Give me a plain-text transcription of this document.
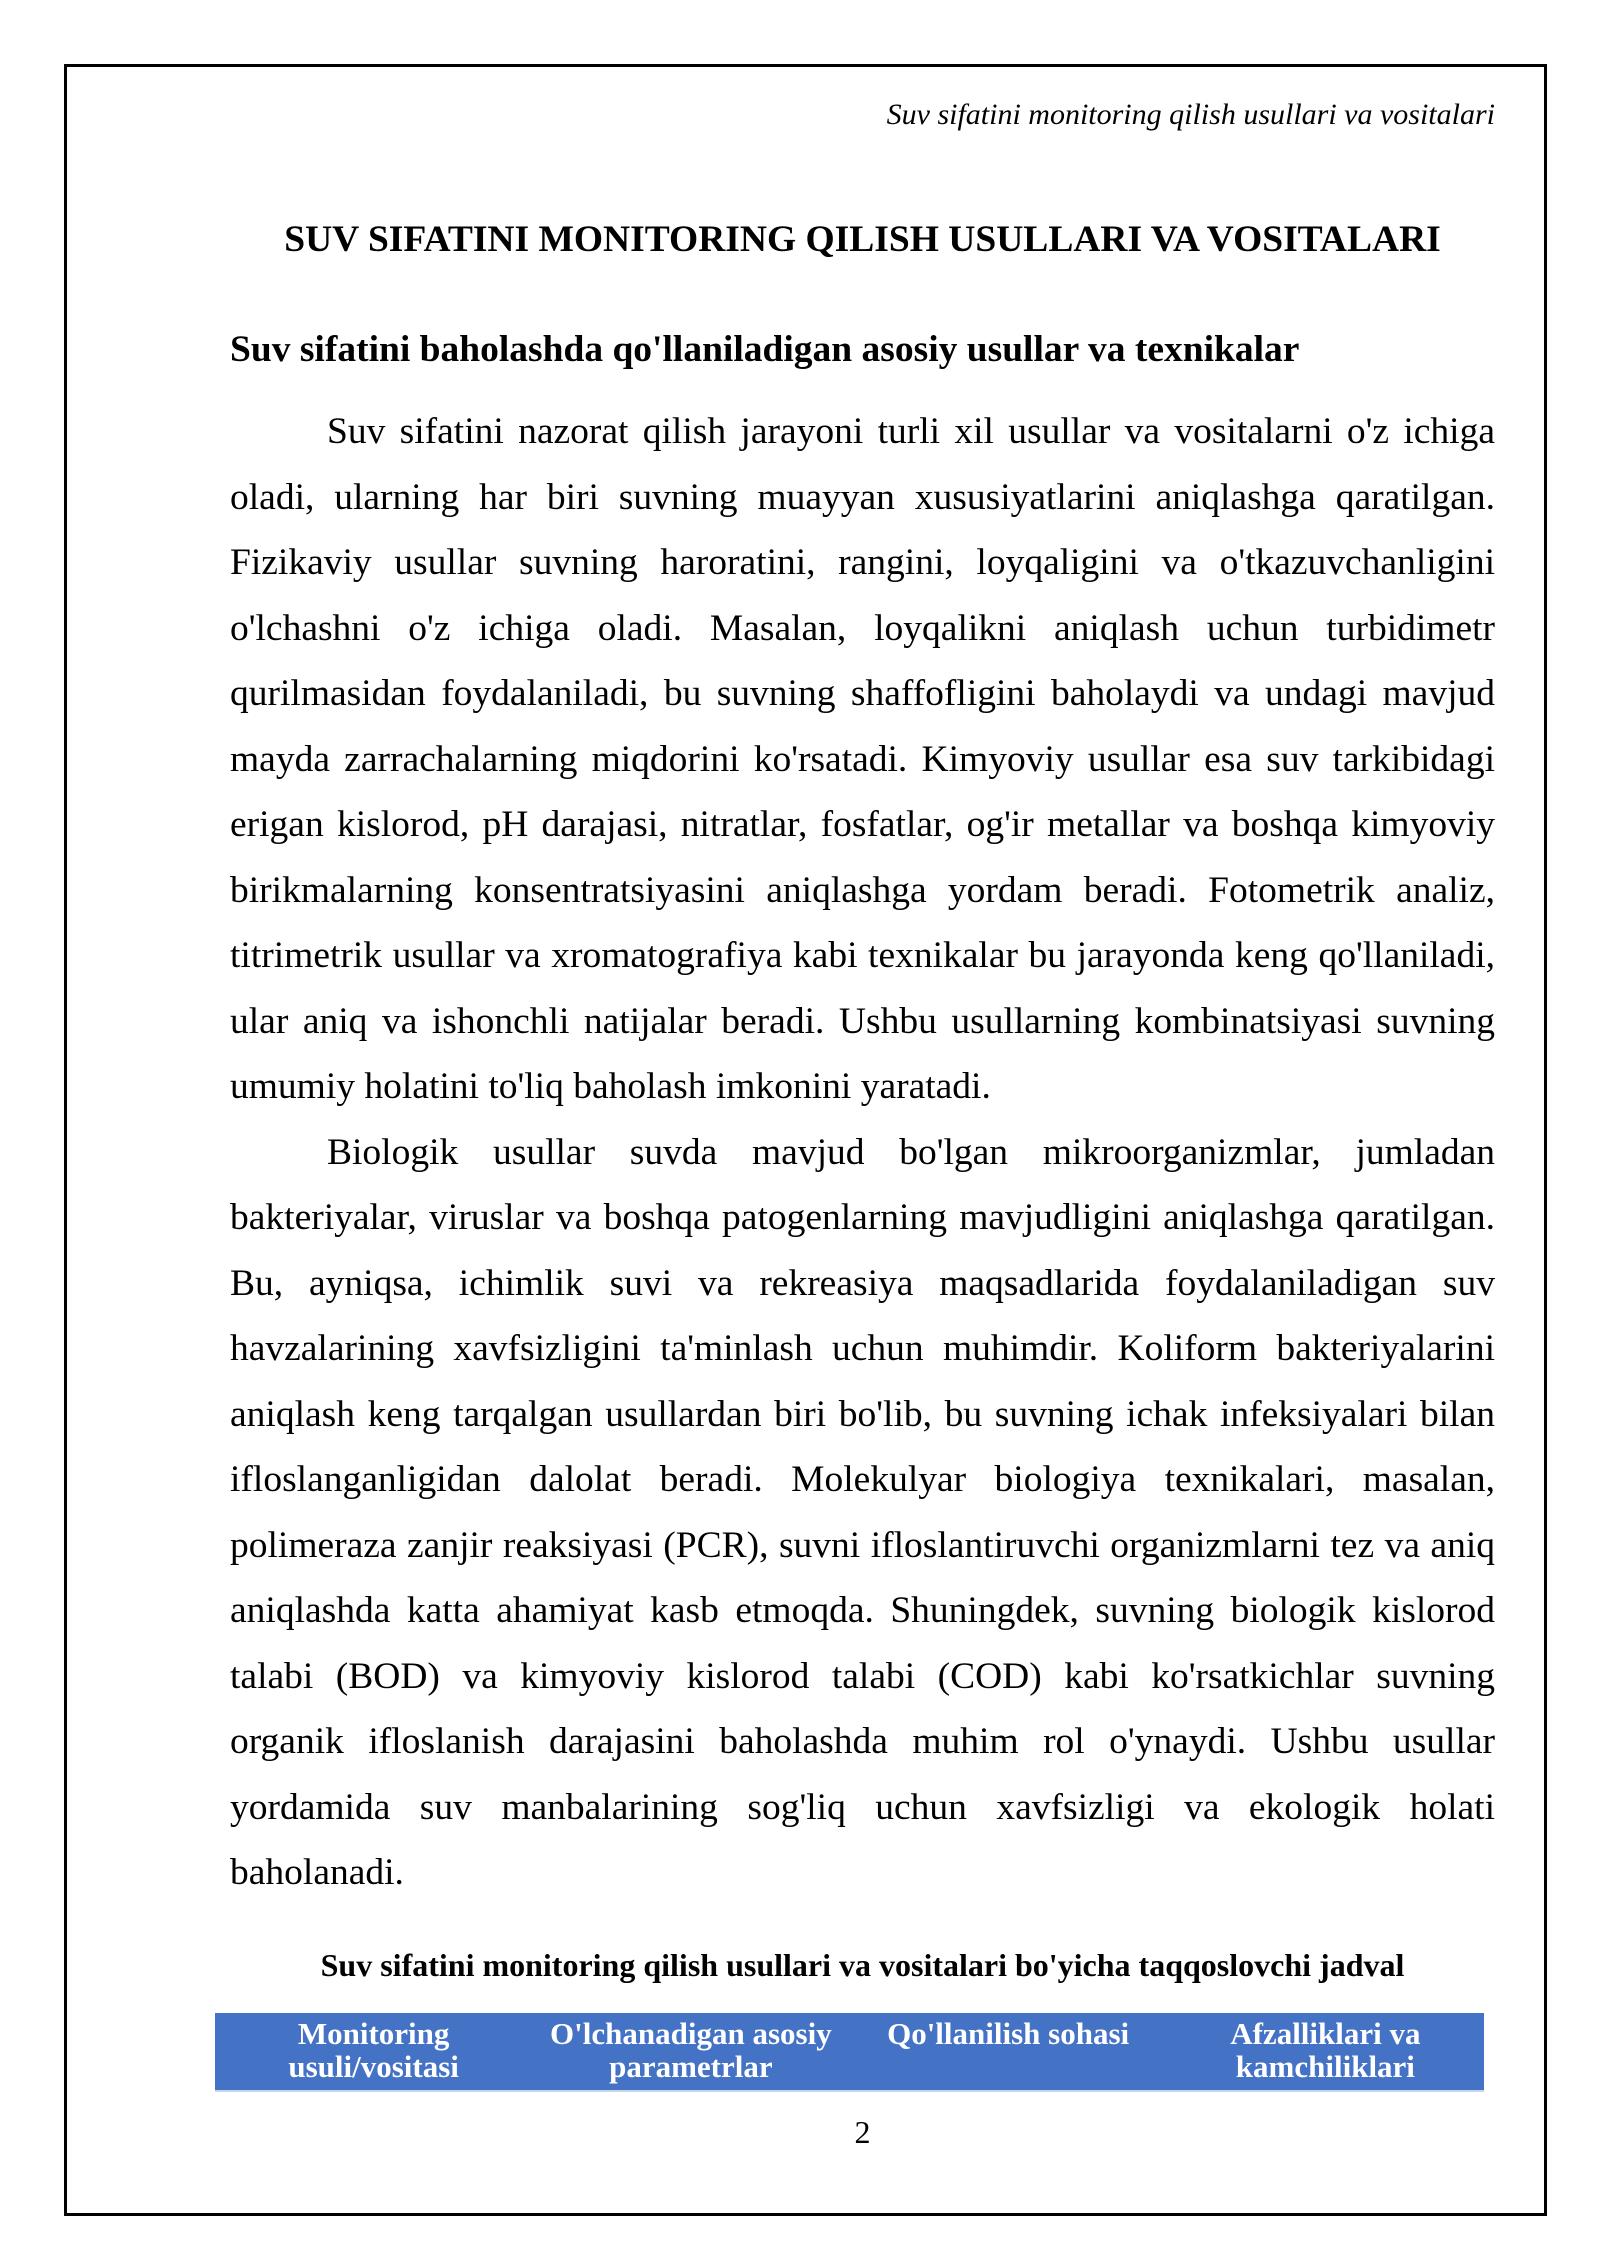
Suv sifatini monitoring qilish usullari va vositalari
SUV SIFATINI MONITORING QILISH USULLARI VA VOSITALARI
Suv sifatini baholashda qo'llaniladigan asosiy usullar va texnikalar

Suv sifatini nazorat qilish jarayoni turli xil usullar va vositalarni o'z ichiga oladi, ularning har biri suvning muayyan xususiyatlarini aniqlashga qaratilgan. Fizikaviy usullar suvning haroratini, rangini, loyqaligini va o'tkazuvchanligini o'lchashni o'z ichiga oladi. Masalan, loyqalikni aniqlash uchun turbidimetr qurilmasidan foydalaniladi, bu suvning shaffofligini baholaydi va undagi mavjud mayda zarrachalarning miqdorini ko'rsatadi. Kimyoviy usullar esa suv tarkibidagi erigan kislorod, pH darajasi, nitratlar, fosfatlar, og'ir metallar va boshqa kimyoviy birikmalarning konsentratsiyasini aniqlashga yordam beradi. Fotometrik analiz, titrimetrik usullar va xromatografiya kabi texnikalar bu jarayonda keng qo'llaniladi, ular aniq va ishonchli natijalar beradi. Ushbu usullarning kombinatsiyasi suvning umumiy holatini to'liq baholash imkonini yaratadi.

Biologik usullar suvda mavjud bo'lgan mikroorganizmlar, jumladan bakteriyalar, viruslar va boshqa patogenlarning mavjudligini aniqlashga qaratilgan. Bu, ayniqsa, ichimlik suvi va rekreasiya maqsadlarida foydalaniladigan suv havzalarining xavfsizligini ta'minlash uchun muhimdir. Koliform bakteriyalarini aniqlash keng tarqalgan usullardan biri bo'lib, bu suvning ichak infeksiyalari bilan ifloslanganligidan dalolat beradi. Molekulyar biologiya texnikalari, masalan, polimeraza zanjir reaksiyasi (PCR), suvni ifloslantiruvchi organizmlarni tez va aniq aniqlashda katta ahamiyat kasb etmoqda. Shuningdek, suvning biologik kislorod talabi (BOD) va kimyoviy kislorod talabi (COD) kabi ko'rsatkichlar suvning organik ifloslanish darajasini baholashda muhim rol o'ynaydi. Ushbu usullar yordamida suv manbalarining sog'liq uchun xavfsizligi va ekologik holati baholanadi.

Suv sifatini monitoring qilish usullari va vositalari bo'yicha taqqoslovchi jadval
Monitoring usuli/vositasi	O'lchanadigan asosiy parametrlar	Qo'llanilish sohasi	Afzalliklari va kamchiliklari
2
